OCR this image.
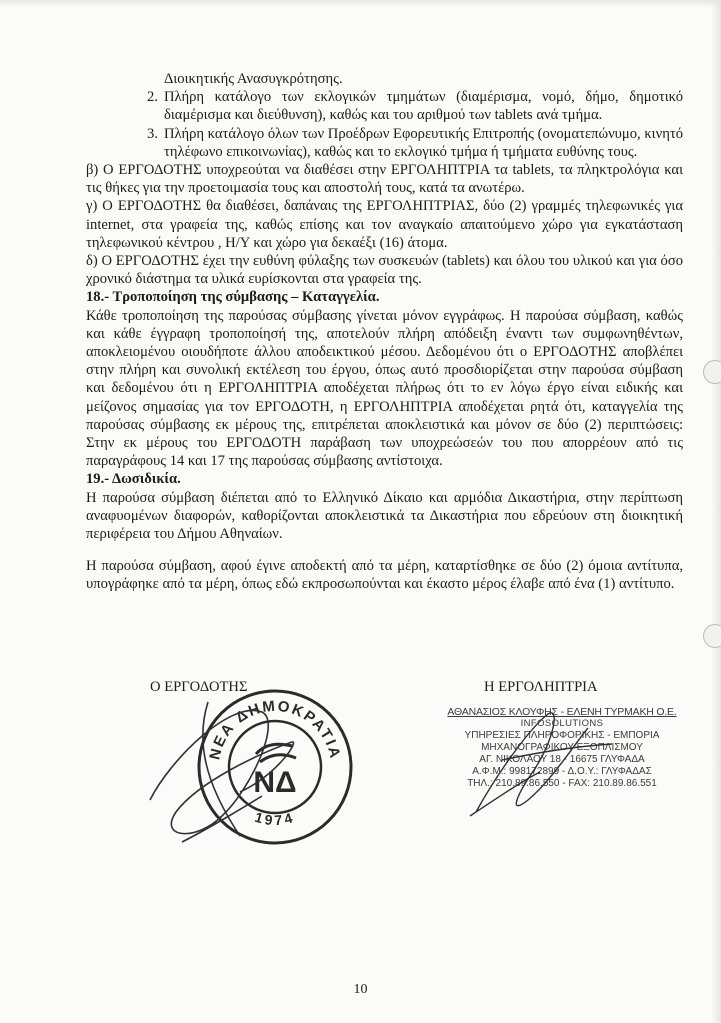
Διοικητικής Ανασυγκρότησης.

2. Πλήρη κατάλογο των εκλογικών τμημάτων (διαμέρισμα, νομό, δήμο, δημοτικό διαμέρισμα και διεύθυνση), καθώς και του αριθμού των tablets ανά τμήμα.
3. Πλήρη κατάλογο όλων των Προέδρων Εφορευτικής Επιτροπής (ονοματεπώνυμο, κινητό τηλέφωνο επικοινωνίας), καθώς και το εκλογικό τμήμα ή τμήματα ευθύνης τους.

β) Ο ΕΡΓΟΔΟΤΗΣ υποχρεούται να διαθέσει στην ΕΡΓΟΛΗΠΤΡΙΑ τα tablets, τα πληκτρολόγια και τις θήκες για την προετοιμασία τους και αποστολή τους, κατά τα ανωτέρω.

γ) Ο ΕΡΓΟΔΟΤΗΣ θα διαθέσει, δαπάναις της ΕΡΓΟΛΗΠΤΡΙΑΣ, δύο (2) γραμμές τηλεφωνικές για internet, στα γραφεία της, καθώς επίσης και τον αναγκαίο απαιτούμενο χώρο για εγκατάσταση τηλεφωνικού κέντρου , Η/Υ και χώρο για δεκαέξι (16) άτομα.

δ) Ο ΕΡΓΟΔΟΤΗΣ έχει την ευθύνη φύλαξης των συσκευών (tablets) και όλου του υλικού και για όσο χρονικό διάστημα τα υλικά ευρίσκονται στα γραφεία της.

18.- Τροποποίηση της σύμβασης – Καταγγελία.

Κάθε τροποποίηση της παρούσας σύμβασης γίνεται μόνον εγγράφως. Η παρούσα σύμβαση, καθώς και κάθε έγγραφη τροποποίησή της, αποτελούν πλήρη απόδειξη έναντι των συμφωνηθέντων, αποκλειομένου οιουδήποτε άλλου αποδεικτικού μέσου. Δεδομένου ότι ο ΕΡΓΟΔΟΤΗΣ αποβλέπει στην πλήρη και συνολική εκτέλεση του έργου, όπως αυτό προσδιορίζεται στην παρούσα σύμβαση και δεδομένου ότι η ΕΡΓΟΛΗΠΤΡΙΑ αποδέχεται πλήρως ότι το εν λόγω έργο είναι ειδικής και μείζονος σημασίας για τον ΕΡΓΟΔΟΤΗ, η ΕΡΓΟΛΗΠΤΡΙΑ αποδέχεται ρητά ότι, καταγγελία της παρούσας σύμβασης εκ μέρους της, επιτρέπεται αποκλειστικά και μόνον σε δύο (2) περιπτώσεις: Στην εκ μέρους του ΕΡΓΟΔΟΤΗ παράβαση των υποχρεώσεών του που απορρέουν από τις παραγράφους 14 και 17 της παρούσας σύμβασης αντίστοιχα.

19.- Δωσιδικία.

Η παρούσα σύμβαση διέπεται από το Ελληνικό Δίκαιο και αρμόδια Δικαστήρια, στην περίπτωση αναφυομένων διαφορών, καθορίζονται αποκλειστικά τα Δικαστήρια που εδρεύουν στη διοικητική περιφέρεια του Δήμου Αθηναίων.

Η παρούσα σύμβαση, αφού έγινε αποδεκτή από τα μέρη, καταρτίσθηκε σε δύο (2) όμοια αντίτυπα, υπογράφηκε από τα μέρη, όπως εδώ εκπροσωπούνται και έκαστο μέρος έλαβε από ένα (1) αντίτυπο.

Ο ΕΡΓΟΔΟΤΗΣ	Η ΕΡΓΟΛΗΠΤΡΙΑ
ΑΘΑΝΑΣΙΟΣ ΚΛΟΥΦΗΣ - ΕΛΕΝΗ ΤΥΡΜΑΚΗ Ο.Ε.
INFOSOLUTIONS
ΥΠΗΡΕΣΙΕΣ ΠΛΗΡΟΦΟΡΙΚΗΣ - ΕΜΠΟΡΙΑ
ΜΗΧΑΝΟΓΡΑΦΙΚΟΥ ΕΞΟΠΛΙΣΜΟΥ
ΑΓ. ΝΙΚΟΛΑΟΥ 18 - 16675 ΓΛΥΦΑΔΑ
Α.Φ.Μ.: 998172899 - Δ.Ο.Υ.: ΓΛΥΦΑΔΑΣ
ΤΗΛ.: 210.89.86.550 - FAX: 210.89.86.551
ΝΕΑ ΔΗΜΟΚΡΑΤΙΑ
1974
ΝΔ
10
